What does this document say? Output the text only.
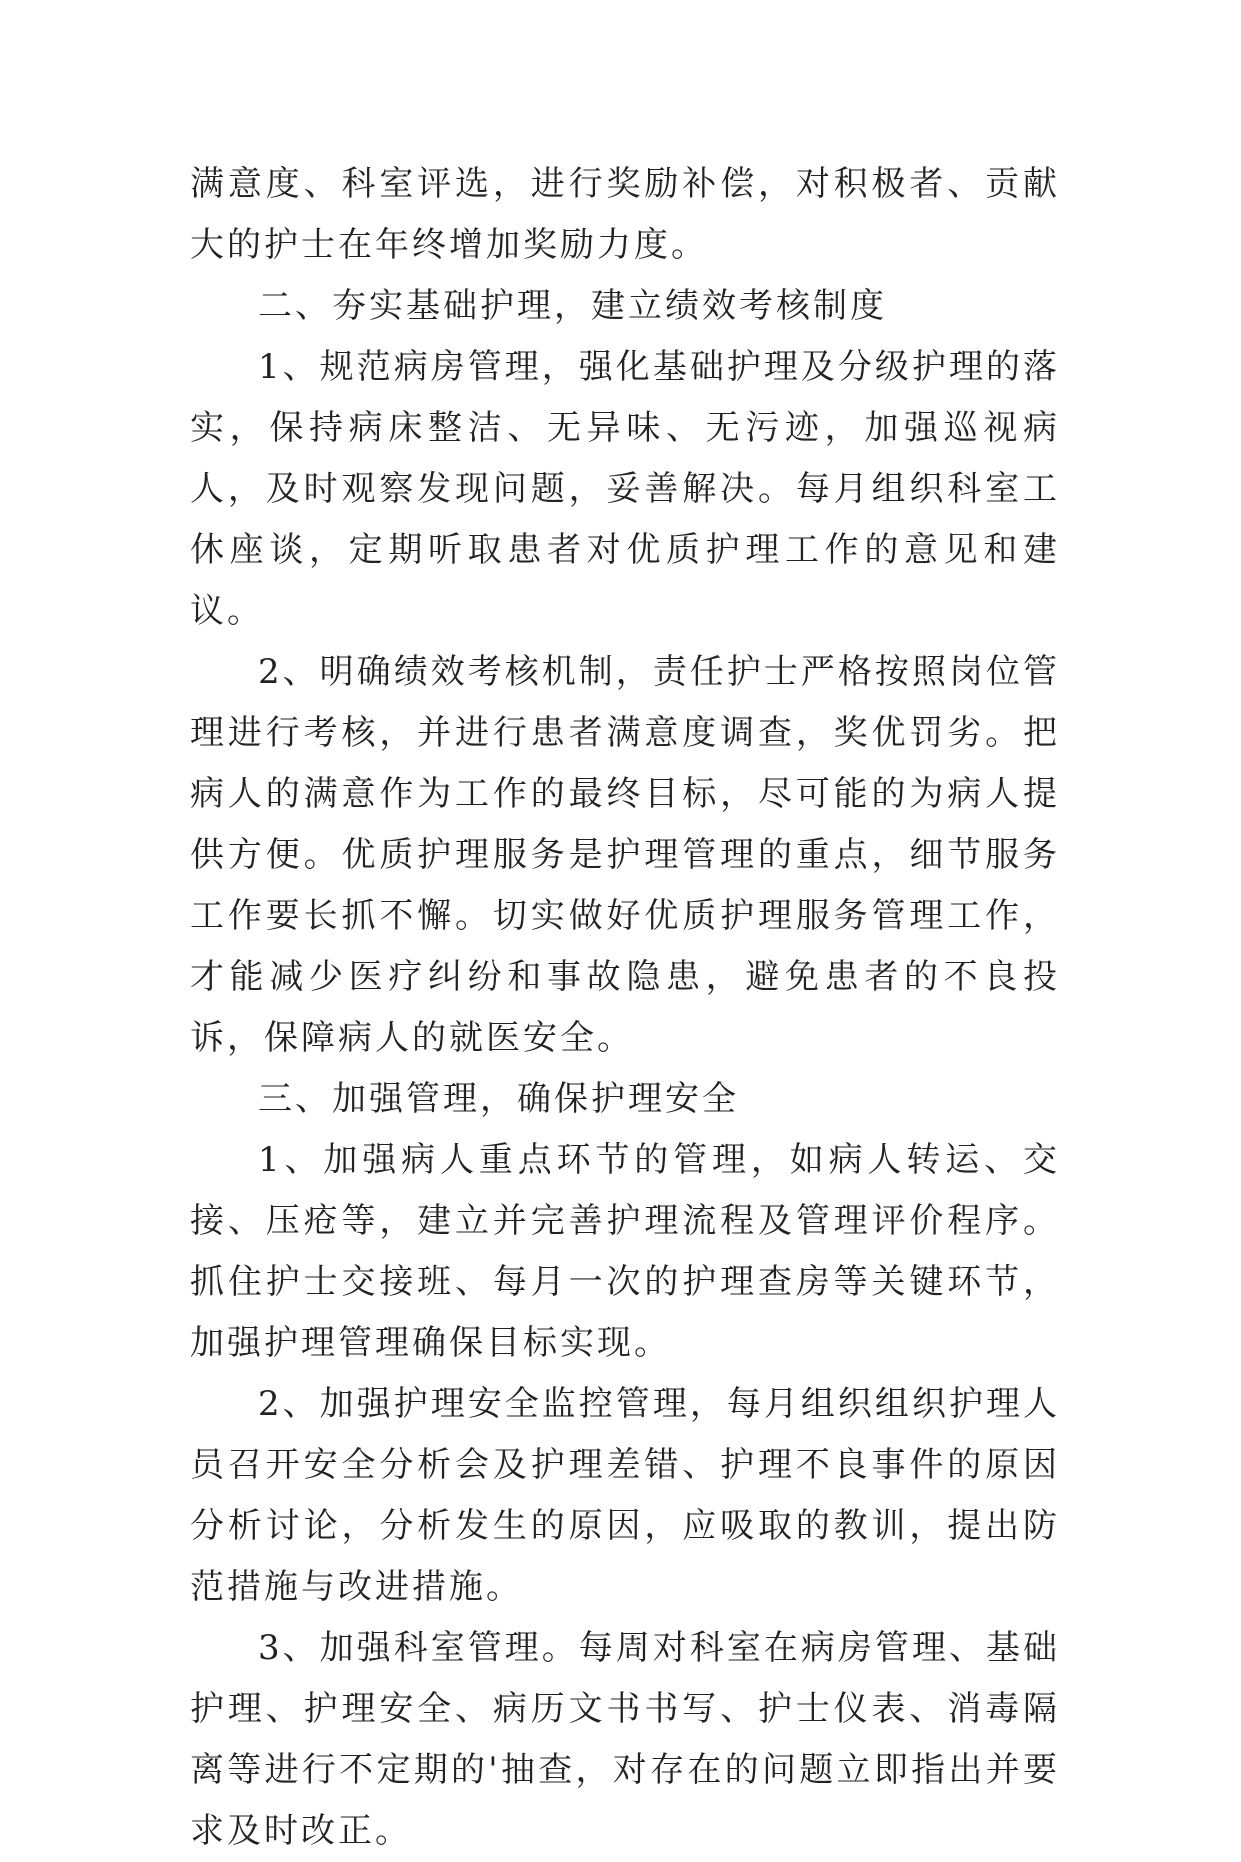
满意度、科室评选，进行奖励补偿，对积极者、贡献大的护士在年终增加奖励力度。

二、夯实基础护理，建立绩效考核制度

1、规范病房管理，强化基础护理及分级护理的落实，保持病床整洁、无异味、无污迹，加强巡视病人，及时观察发现问题，妥善解决。每月组织科室工休座谈，定期听取患者对优质护理工作的意见和建议。

2、明确绩效考核机制，责任护士严格按照岗位管理进行考核，并进行患者满意度调查，奖优罚劣。把病人的满意作为工作的最终目标，尽可能的为病人提供方便。优质护理服务是护理管理的重点，细节服务工作要长抓不懈。切实做好优质护理服务管理工作，才能减少医疗纠纷和事故隐患，避免患者的不良投诉，保障病人的就医安全。

三、加强管理，确保护理安全

1、加强病人重点环节的管理，如病人转运、交接、压疮等，建立并完善护理流程及管理评价程序。抓住护士交接班、每月一次的护理查房等关键环节，加强护理管理确保目标实现。

2、加强护理安全监控管理，每月组织组织护理人员召开安全分析会及护理差错、护理不良事件的原因分析讨论，分析发生的原因，应吸取的教训，提出防范措施与改进措施。

3、加强科室管理。每周对科室在病房管理、基础护理、护理安全、病历文书书写、护士仪表、消毒隔离等进行不定期的'抽查，对存在的问题立即指出并要求及时改正。
